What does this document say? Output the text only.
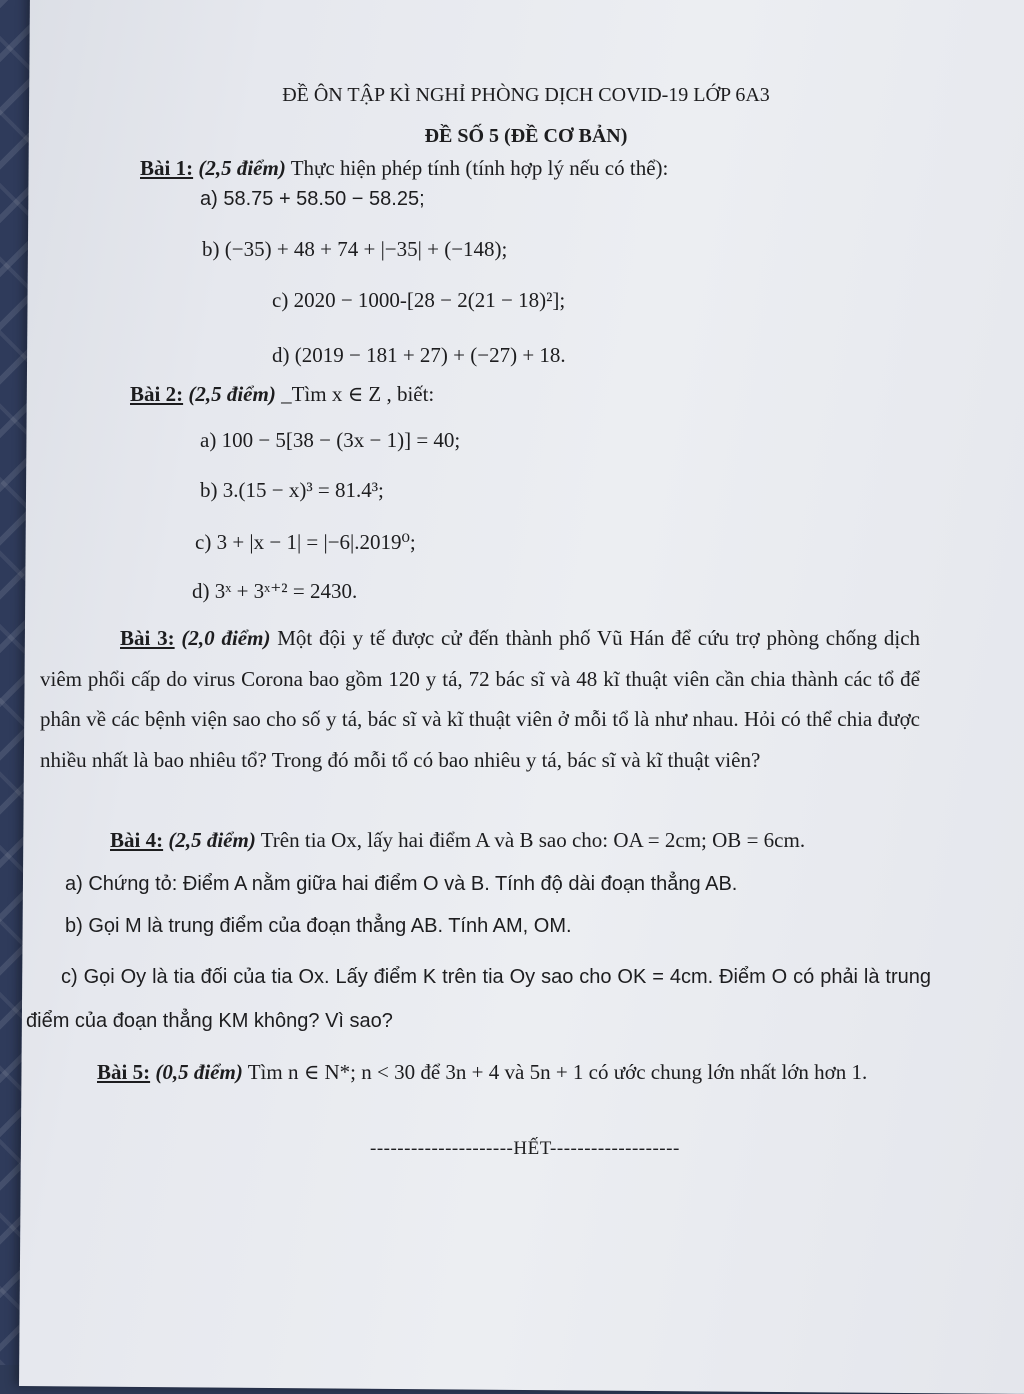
ĐỀ ÔN TẬP KÌ NGHỈ PHÒNG DỊCH COVID-19 LỚP 6A3
ĐỀ SỐ 5 (ĐỀ CƠ BẢN)
Bài 1: (2,5 điểm) Thực hiện phép tính (tính hợp lý nếu có thể):
a) 58.75 + 58.50 − 58.25;
b) (−35) + 48 + 74 + |−35| + (−148);
c) 2020 − 1000-[28 − 2(21 − 18)²];
d) (2019 − 181 + 27) + (−27) + 18.
Bài 2: (2,5 điểm) _Tìm x ∈ Z , biết:
a) 100 − 5[38 − (3x − 1)] = 40;
b) 3.(15 − x)³ = 81.4³;
c) 3 + |x − 1| = |−6|.2019⁰;
d) 3ˣ + 3ˣ⁺² = 2430.
Bài 3: (2,0 điểm) Một đội y tế được cử đến thành phố Vũ Hán để cứu trợ phòng chống dịch viêm phổi cấp do virus Corona bao gồm 120 y tá, 72 bác sĩ và 48 kĩ thuật viên cần chia thành các tổ để phân về các bệnh viện sao cho số y tá, bác sĩ và kĩ thuật viên ở mỗi tổ là như nhau. Hỏi có thể chia được nhiều nhất là bao nhiêu tổ? Trong đó mỗi tổ có bao nhiêu y tá, bác sĩ và kĩ thuật viên?
Bài 4: (2,5 điểm) Trên tia Ox, lấy hai điểm A và B sao cho: OA = 2cm; OB = 6cm.
a) Chứng tỏ: Điểm A nằm giữa hai điểm O và B. Tính độ dài đoạn thẳng AB.
b) Gọi M là trung điểm của đoạn thẳng AB. Tính AM, OM.
c) Gọi Oy là tia đối của tia Ox. Lấy điểm K trên tia Oy sao cho OK = 4cm. Điểm O có phải là trung điểm của đoạn thẳng KM không? Vì sao?
Bài 5: (0,5 điểm) Tìm n ∈ N*; n < 30 để 3n + 4 và 5n + 1 có ước chung lớn nhất lớn hơn 1.
---------------------HẾT-------------------
